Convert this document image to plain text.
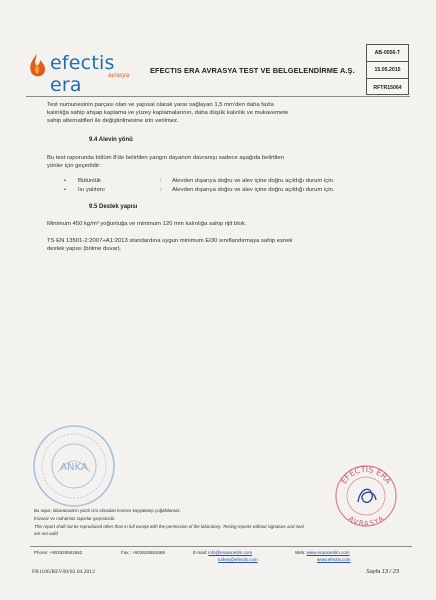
efectis era	avrasya
EFECTIS ERA AVRASYA TEST VE BELGELENDİRME A.Ş.
AB-0556-T
15.05.2015
RFTR15064
Test numunesinin parçası olan ve yapısal olarak yarar sağlayan 1,5 mm'den daha fazla
kalınlığa sahip ahşap kaplama ve yüzey kaplamalarının, daha düşük kalınlık ve mukavemete
sahip alternatifleri ile değiştirilmesine izin verilmez.
9.4 Alevin yönü
Bu test raporunda bölüm 8'de belirtilen yangın dayanım davranışı sadece aşağıda belirtilen
yönler için geçerlidir:
• Bütünlük	: Alevden dışarıya doğru ve alev içine doğru açıldığı durum için.
• Isı yalıtımı	: Alevden dışarıya doğru ve alev içine doğru açıldığı durum için.
9.5 Destek yapısı
Minimum 450 kg/m³ yoğunluğa ve minimum 120 mm kalınlığa sahip rijit blok.
TS EN 13501-2:2007+A1:2013 standardına uygun minimum EI30 sınıflandırmaya sahip esnek
destek yapısı (bölme duvar).
ANKA
EFECTIS ERA
AVRASYA
Bu rapor, laboratuvarın yazılı izni olmadan kısmen kopyalanıp çoğaltılamaz.
İmzasız ve mühürsüz raporlar geçersizdir.
This report shall not be reproduced other than in full except with the permission of the laboratory. Testing reports without signature and seal
are not valid
Phone: +902626581662	Fax.: +902626581669	E-mail: info@erausnetim.com
turkey@efectis.com
Web: www.erausnetim.com
www.efectis.com
FR1106/REV00/02.04.2012	Sayfa 13 / 23
